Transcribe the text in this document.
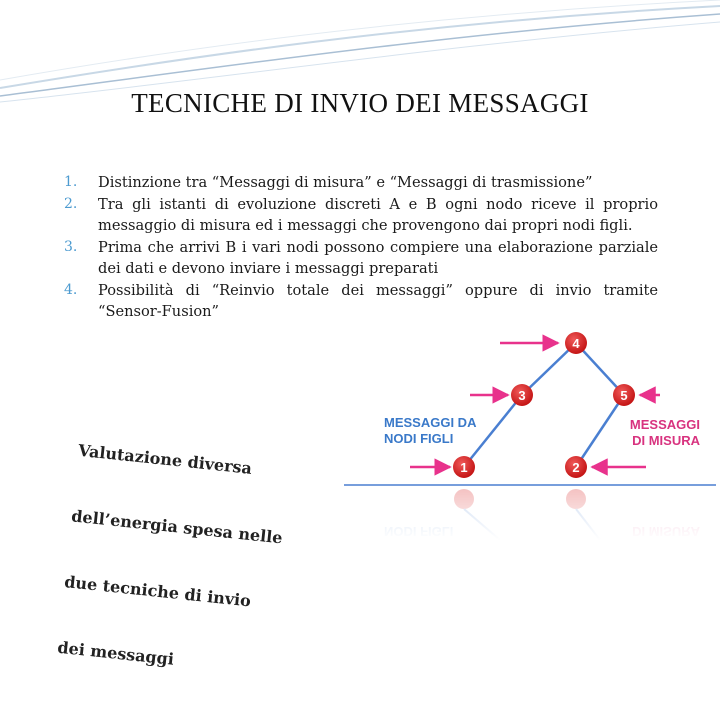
TECNICHE DI INVIO DEI MESSAGGI
1.	Distinzione tra “Messaggi di misura” e “Messaggi di trasmissione”
2.	Tra gli istanti di evoluzione discreti A e B ogni nodo riceve il proprio messaggio di misura ed i messaggi che provengono dai propri nodi figli.
3.	Prima che arrivi B i vari nodi possono compiere una elaborazione parziale dei dati e devono inviare i messaggi preparati
4.	Possibilità di “Reinvio totale dei messaggi” oppure di invio tramite “Sensor-Fusion”

Valutazione diversa

dell’energia spesa nelle

due tecniche di invio

dei messaggi

4
3	5
1	2
MESSAGGI DA
NODI FIGLI
MESSAGGI
DI MISURA
